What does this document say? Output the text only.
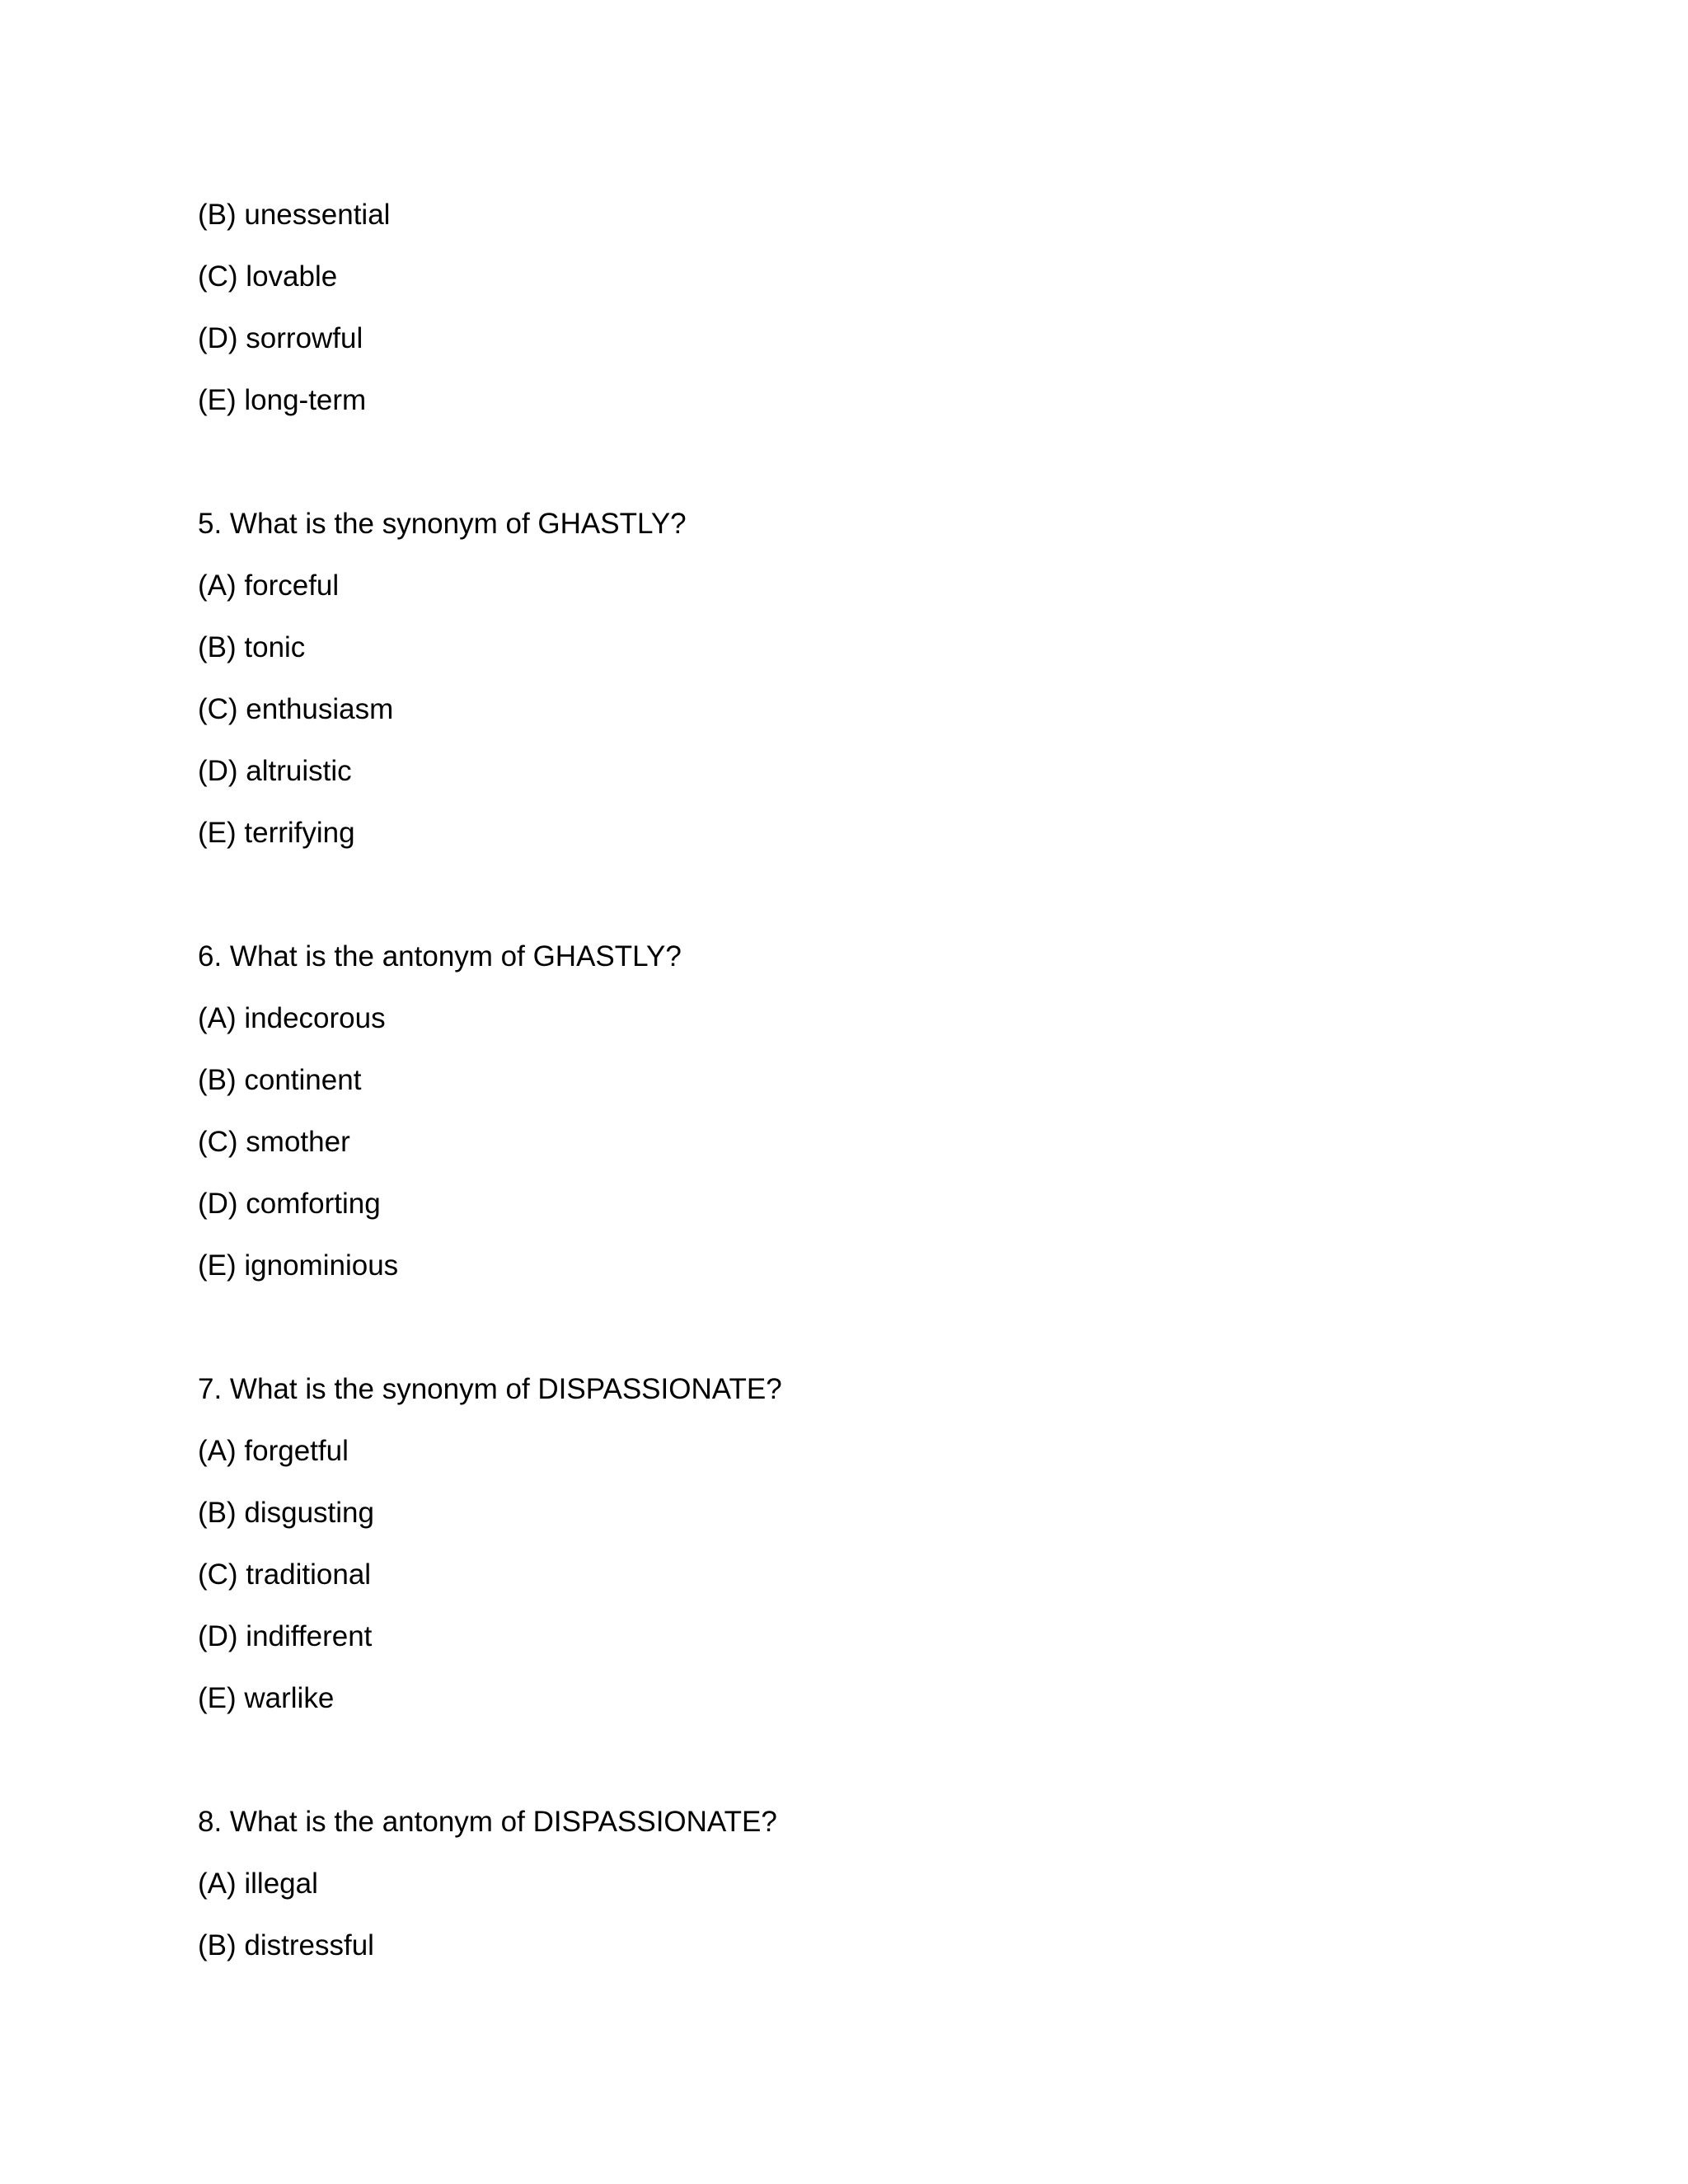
(B) unessential
(C) lovable
(D) sorrowful
(E) long-term
5. What is the synonym of GHASTLY?
(A) forceful
(B) tonic
(C) enthusiasm
(D) altruistic
(E) terrifying
6. What is the antonym of GHASTLY?
(A) indecorous
(B) continent
(C) smother
(D) comforting
(E) ignominious
7. What is the synonym of DISPASSIONATE?
(A) forgetful
(B) disgusting
(C) traditional
(D) indifferent
(E) warlike
8. What is the antonym of DISPASSIONATE?
(A) illegal
(B) distressful
